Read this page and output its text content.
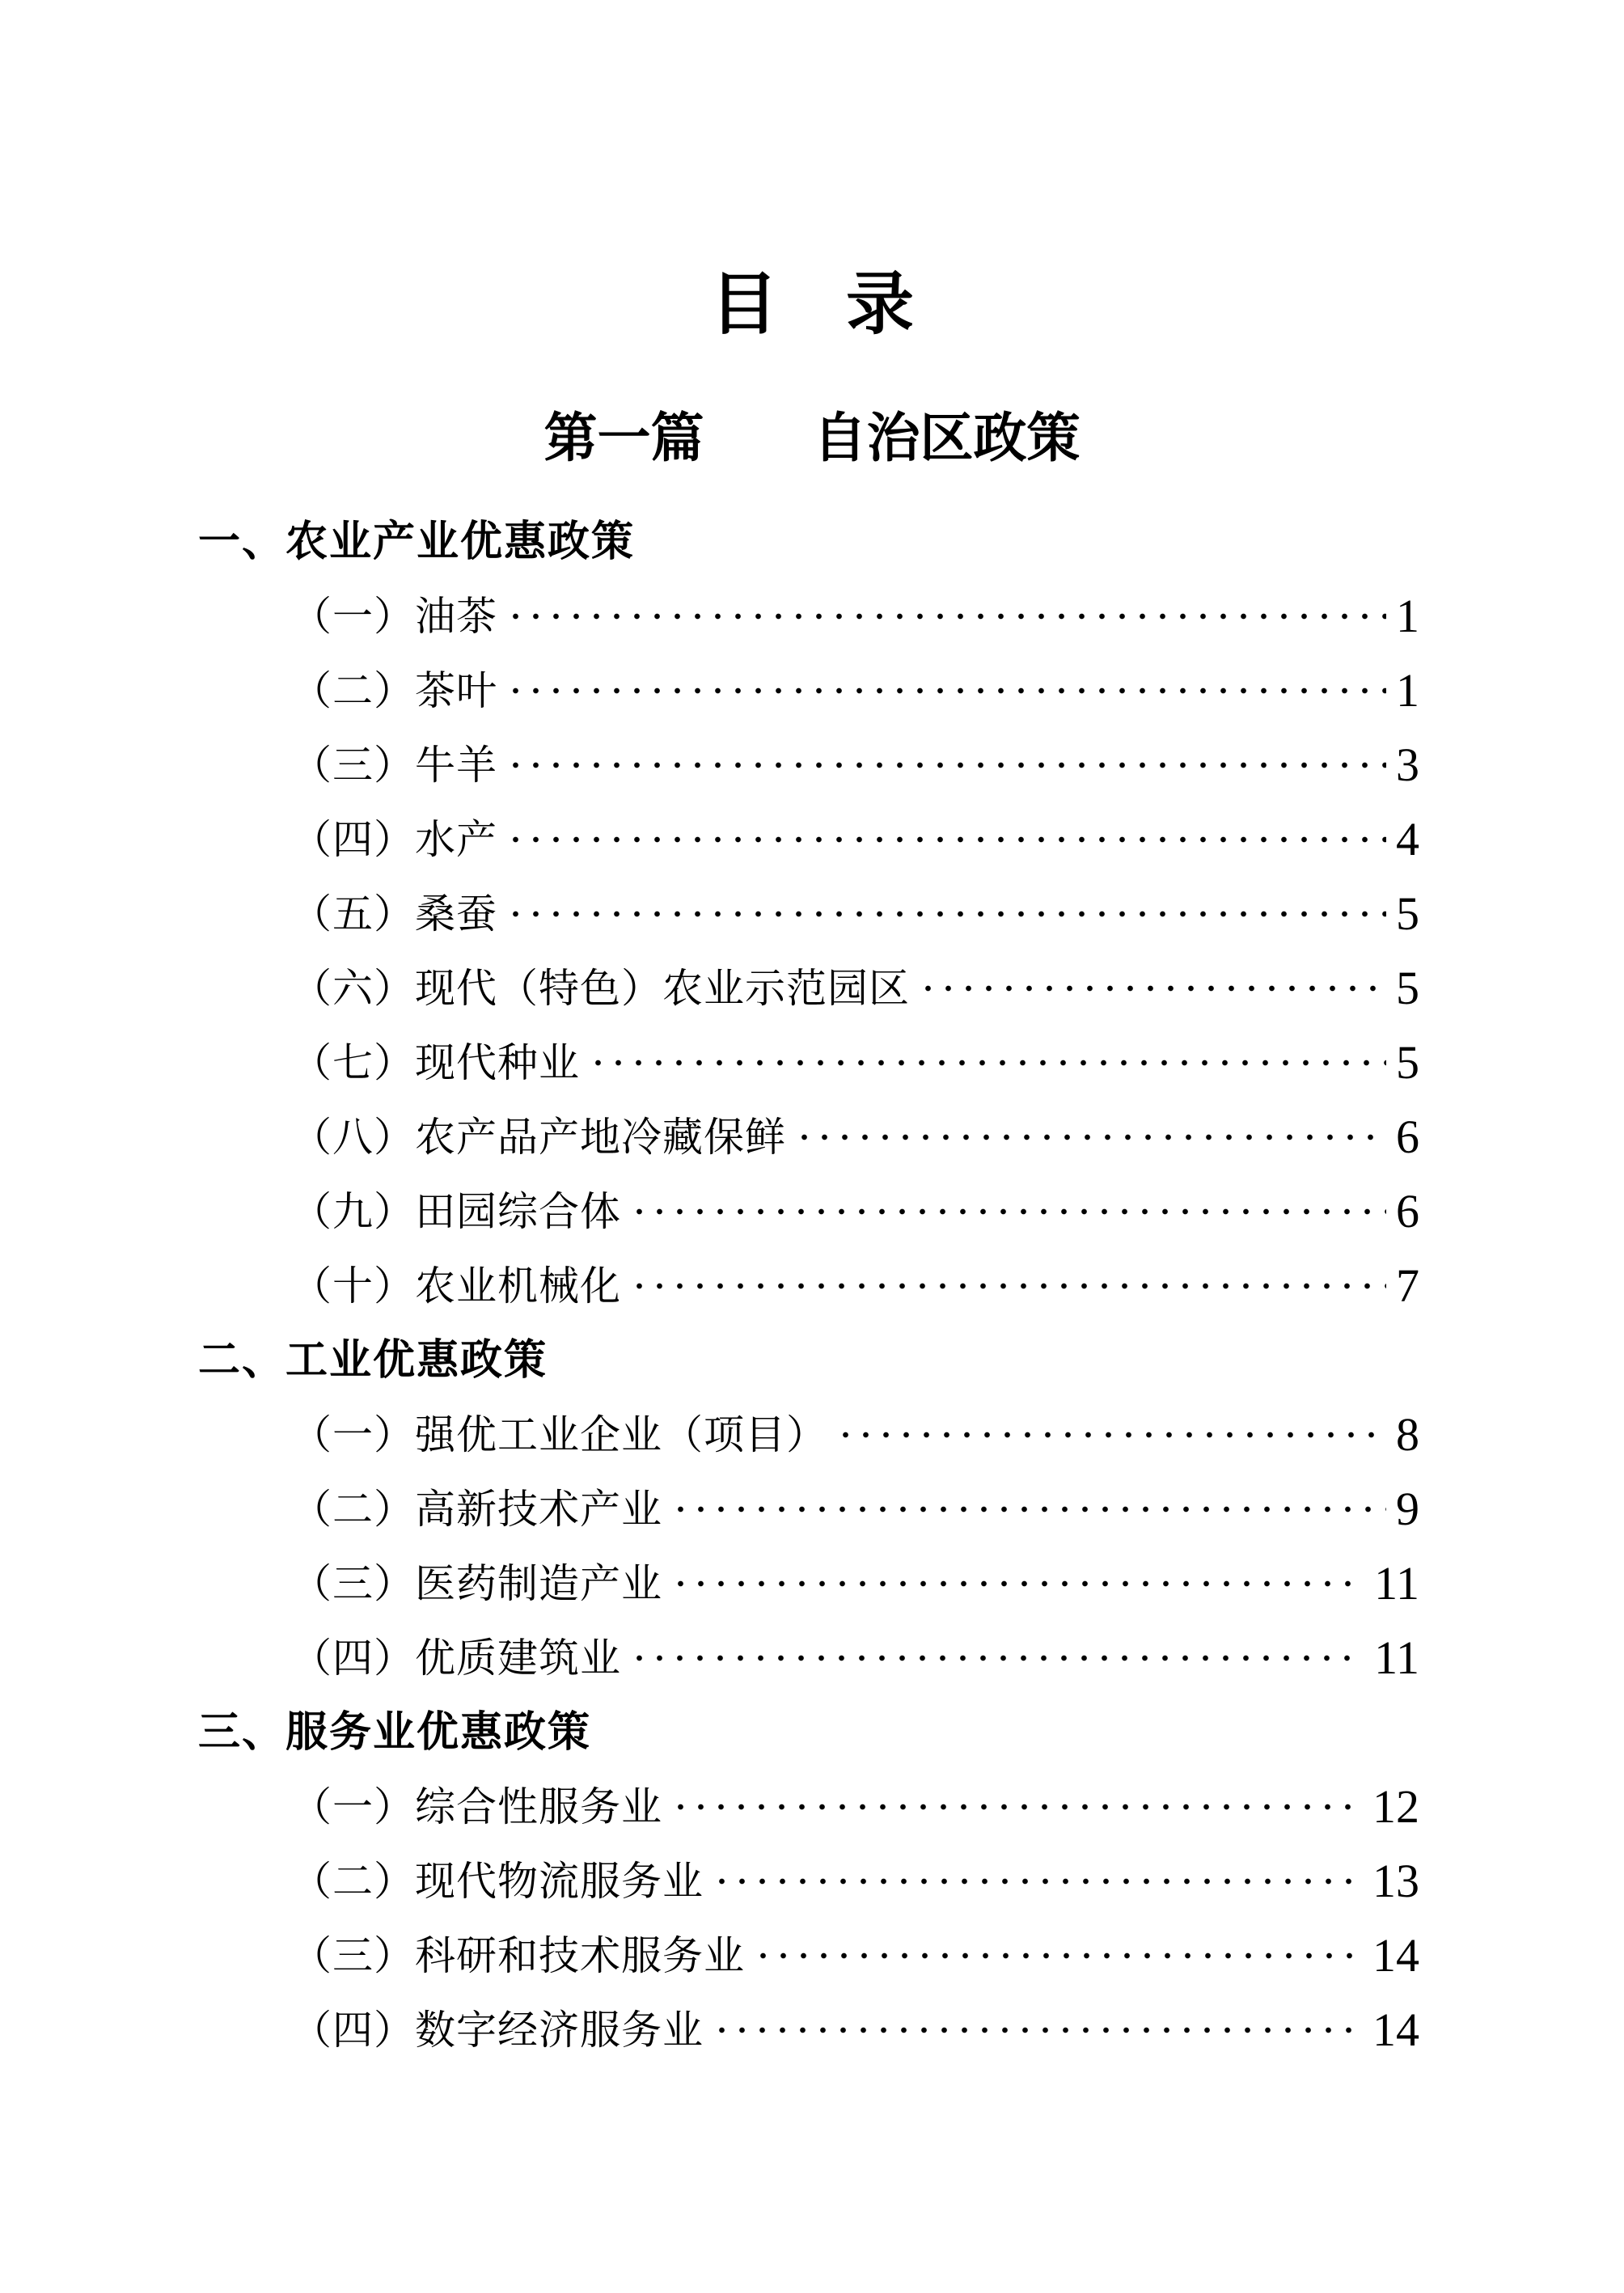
目　录
第一篇 自治区政策
一、农业产业优惠政策
（一）油茶	1
（二）茶叶	1
（三）牛羊	3
（四）水产	4
（五）桑蚕	5
（六）现代（特色）农业示范园区	5
（七）现代种业	5
（八）农产品产地冷藏保鲜	6
（九）田园综合体	6
（十）农业机械化	7
二、工业优惠政策
（一）强优工业企业（项目）	8
（二）高新技术产业	9
（三）医药制造产业	11
（四）优质建筑业	11
三、服务业优惠政策
（一）综合性服务业	12
（二）现代物流服务业	13
（三）科研和技术服务业	14
（四）数字经济服务业	14
